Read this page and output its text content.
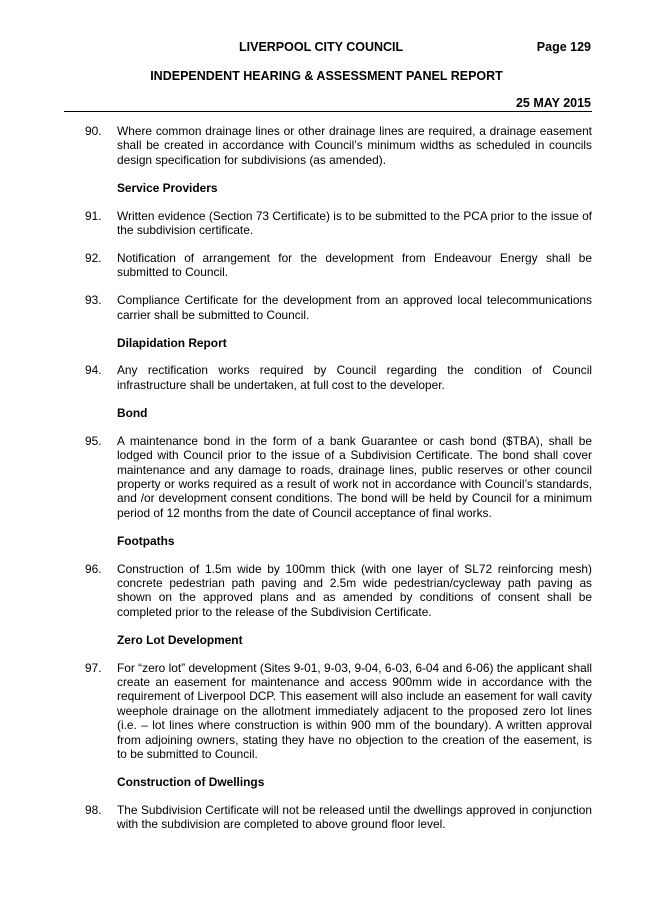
LIVERPOOL CITY COUNCIL	Page 129
INDEPENDENT HEARING & ASSESSMENT PANEL REPORT
25 MAY 2015
90. Where common drainage lines or other drainage lines are required, a drainage easement shall be created in accordance with Council’s minimum widths as scheduled in councils design specification for subdivisions (as amended).
Service Providers
91. Written evidence (Section 73 Certificate) is to be submitted to the PCA prior to the issue of the subdivision certificate.
92. Notification of arrangement for the development from Endeavour Energy shall be submitted to Council.
93. Compliance Certificate for the development from an approved local telecommunications carrier shall be submitted to Council.
Dilapidation Report
94. Any rectification works required by Council regarding the condition of Council infrastructure shall be undertaken, at full cost to the developer.
Bond
95. A maintenance bond in the form of a bank Guarantee or cash bond ($TBA), shall be lodged with Council prior to the issue of a Subdivision Certificate. The bond shall cover maintenance and any damage to roads, drainage lines, public reserves or other council property or works required as a result of work not in accordance with Council’s standards, and /or development consent conditions. The bond will be held by Council for a minimum period of 12 months from the date of Council acceptance of final works.
Footpaths
96. Construction of 1.5m wide by 100mm thick (with one layer of SL72 reinforcing mesh) concrete pedestrian path paving and 2.5m wide pedestrian/cycleway path paving as shown on the approved plans and as amended by conditions of consent shall be completed prior to the release of the Subdivision Certificate.
Zero Lot Development
97. For “zero lot” development (Sites 9-01, 9-03, 9-04, 6-03, 6-04 and 6-06) the applicant shall create an easement for maintenance and access 900mm wide in accordance with the requirement of Liverpool DCP. This easement will also include an easement for wall cavity weephole drainage on the allotment immediately adjacent to the proposed zero lot lines (i.e. – lot lines where construction is within 900 mm of the boundary). A written approval from adjoining owners, stating they have no objection to the creation of the easement, is to be submitted to Council.
Construction of Dwellings
98. The Subdivision Certificate will not be released until the dwellings approved in conjunction with the subdivision are completed to above ground floor level.
